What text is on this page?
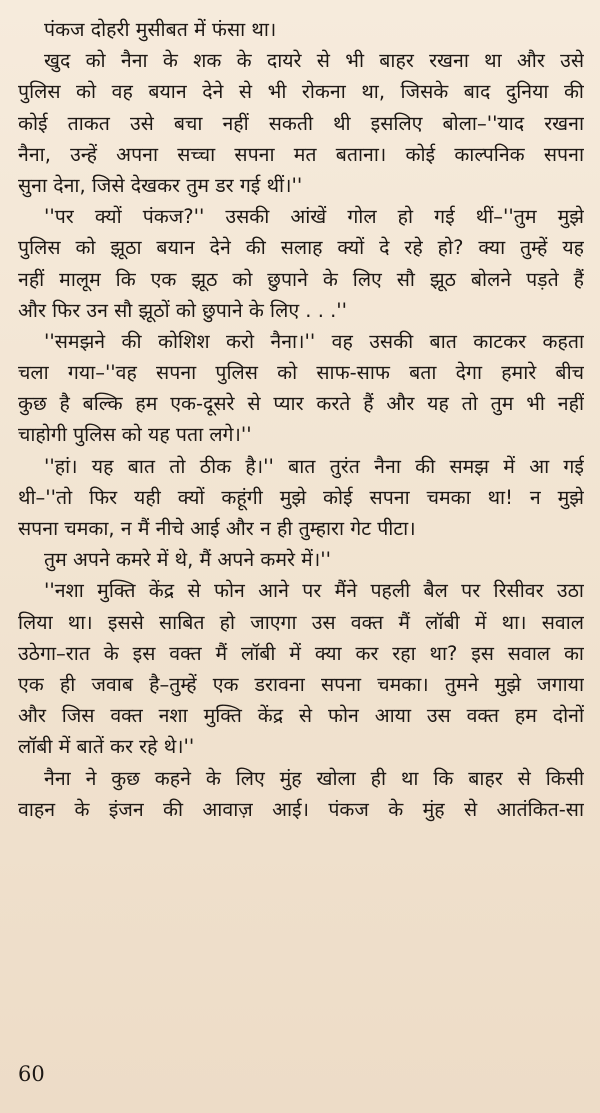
पंकज दोहरी मुसीबत में फंसा था।
खुद को नैना के शक के दायरे से भी बाहर रखना था और उसे
पुलिस को वह बयान देने से भी रोकना था, जिसके बाद दुनिया की
कोई ताकत उसे बचा नहीं सकती थी इसलिए बोला–''याद रखना
नैना, उन्हें अपना सच्चा सपना मत बताना। कोई काल्पनिक सपना
सुना देना, जिसे देखकर तुम डर गई थीं।''
''पर क्यों पंकज?'' उसकी आंखें गोल हो गई थीं–''तुम मुझे
पुलिस को झूठा बयान देने की सलाह क्यों दे रहे हो? क्या तुम्हें यह
नहीं मालूम कि एक झूठ को छुपाने के लिए सौ झूठ बोलने पड़ते हैं
और फिर उन सौ झूठों को छुपाने के लिए . . .''
''समझने की कोशिश करो नैना।'' वह उसकी बात काटकर कहता
चला गया–''वह सपना पुलिस को साफ-साफ बता देगा हमारे बीच
कुछ है बल्कि हम एक-दूसरे से प्यार करते हैं और यह तो तुम भी नहीं
चाहोगी पुलिस को यह पता लगे।''
''हां। यह बात तो ठीक है।'' बात तुरंत नैना की समझ में आ गई
थी–''तो फिर यही क्यों कहूंगी मुझे कोई सपना चमका था! न मुझे
सपना चमका, न मैं नीचे आई और न ही तुम्हारा गेट पीटा।
तुम अपने कमरे में थे, मैं अपने कमरे में।''
''नशा मुक्ति केंद्र से फोन आने पर मैंने पहली बैल पर रिसीवर उठा
लिया था। इससे साबित हो जाएगा उस वक्त मैं लॉबी में था। सवाल
उठेगा–रात के इस वक्त मैं लॉबी में क्या कर रहा था? इस सवाल का
एक ही जवाब है–तुम्हें एक डरावना सपना चमका। तुमने मुझे जगाया
और जिस वक्त नशा मुक्ति केंद्र से फोन आया उस वक्त हम दोनों
लॉबी में बातें कर रहे थे।''
नैना ने कुछ कहने के लिए मुंह खोला ही था कि बाहर से किसी
वाहन के इंजन की आवाज़ आई। पंकज के मुंह से आतंकित-सा
60
